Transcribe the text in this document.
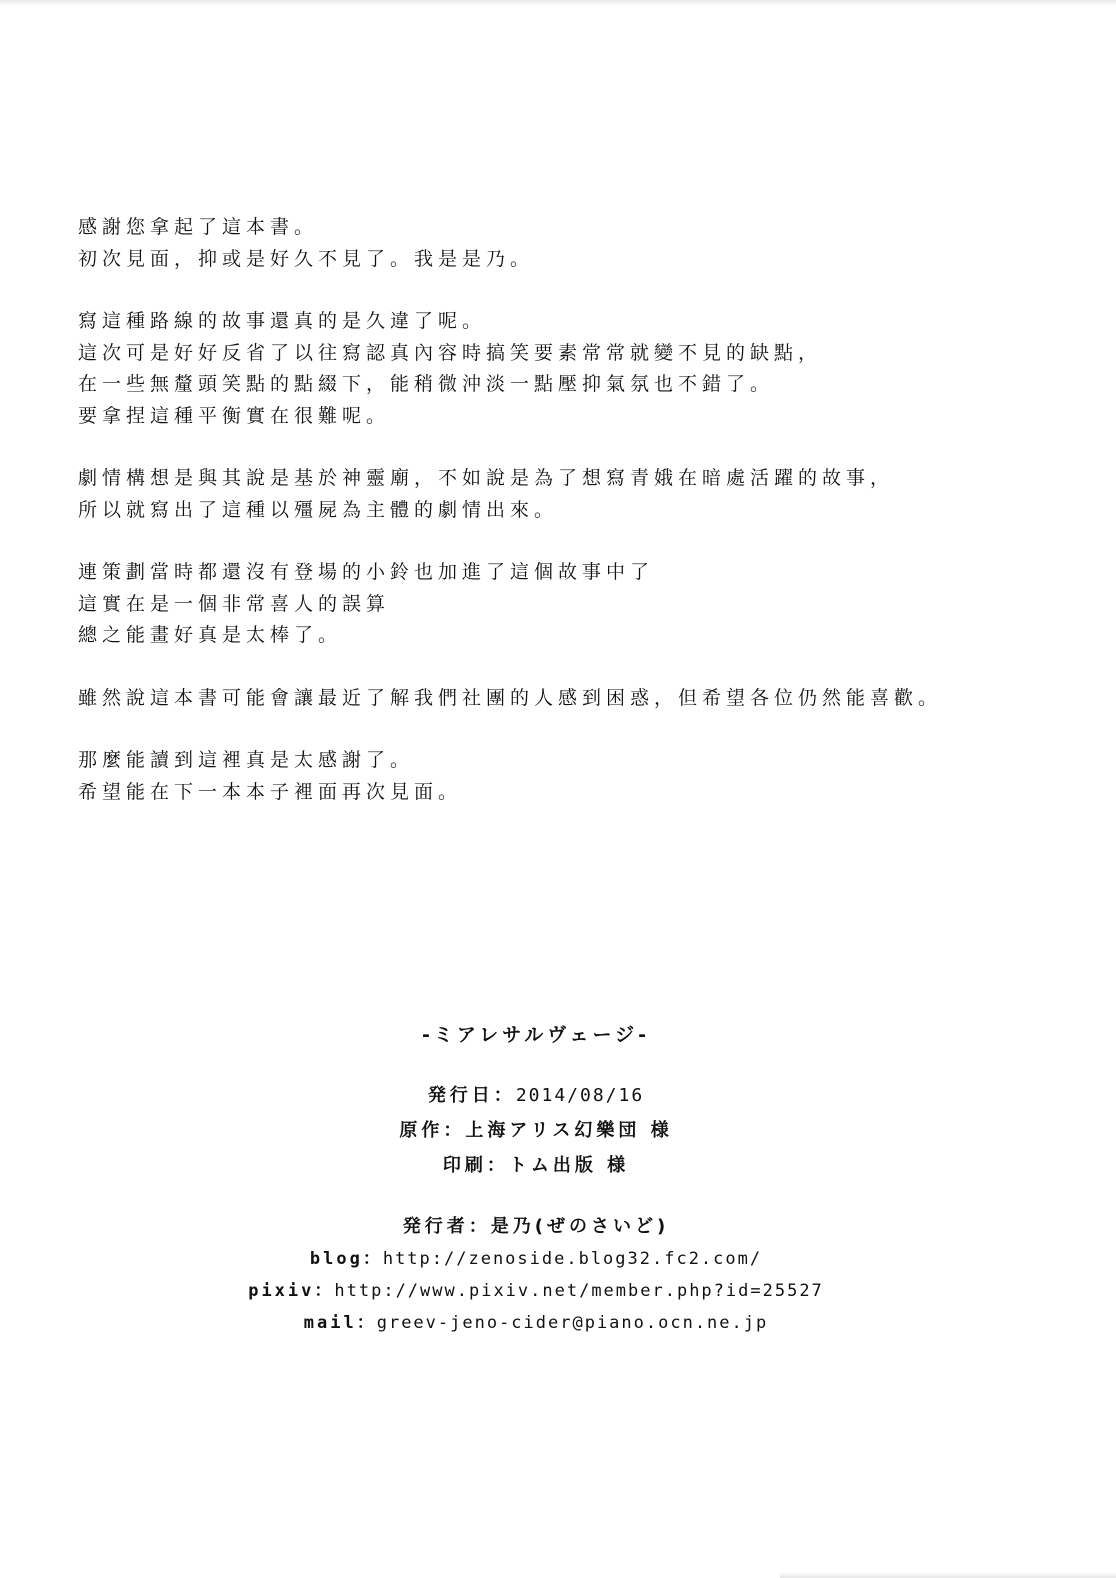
感謝您拿起了這本書。
初次見面，抑或是好久不見了。我是是乃。
寫這種路線的故事還真的是久違了呢。
這次可是好好反省了以往寫認真內容時搞笑要素常常就變不見的缺點，
在一些無釐頭笑點的點綴下，能稍微沖淡一點壓抑氣氛也不錯了。
要拿捏這種平衡實在很難呢。
劇情構想是與其說是基於神靈廟，不如說是為了想寫青娥在暗處活躍的故事，
所以就寫出了這種以殭屍為主體的劇情出來。
連策劃當時都還沒有登場的小鈴也加進了這個故事中了
這實在是一個非常喜人的誤算
總之能畫好真是太棒了。
雖然說這本書可能會讓最近了解我們社團的人感到困惑，但希望各位仍然能喜歡。
那麼能讀到這裡真是太感謝了。
希望能在下一本本子裡面再次見面。
-ミアレサルヴェージ-
発行日：2014/08/16
原作：上海アリス幻樂団 様
印刷：トム出版 様
発行者：是乃(ぜのさいど)
blog：http://zenoside.blog32.fc2.com/
pixiv：http://www.pixiv.net/member.php?id=25527
mail：greev-jeno-cider@piano.ocn.ne.jp
